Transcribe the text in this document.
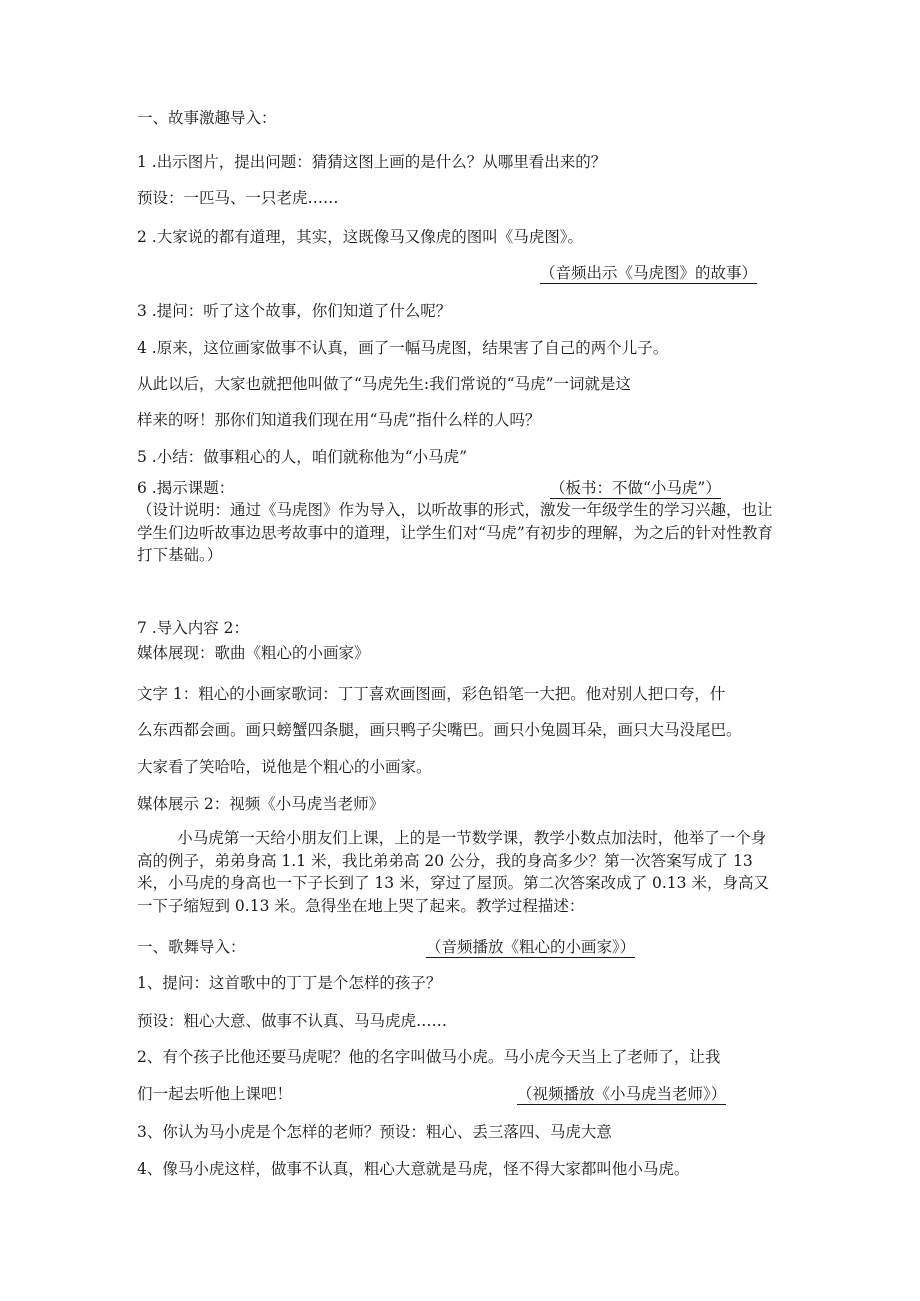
一、故事激趣导入：
1 .出示图片，提出问题：猜猜这图上画的是什么？从哪里看出来的？
预设：一匹马、一只老虎……
2 .大家说的都有道理，其实，这既像马又像虎的图叫《马虎图》。
（音频出示《马虎图》的故事）
3 .提问：听了这个故事，你们知道了什么呢？
4 .原来，这位画家做事不认真，画了一幅马虎图，结果害了自己的两个儿子。
从此以后，大家也就把他叫做了“马虎先生:我们常说的“马虎”一词就是这
样来的呀！那你们知道我们现在用“马虎”指什么样的人吗？
5 .小结：做事粗心的人，咱们就称他为“小马虎”
6 .揭示课题：	（板书：不做“小马虎”）
（设计说明：通过《马虎图》作为导入，以听故事的形式，激发一年级学生的学习兴趣，也让学生们边听故事边思考故事中的道理，让学生们对“马虎”有初步的理解，为之后的针对性教育打下基础。）
7 .导入内容 2：
媒体展现：歌曲《粗心的小画家》
文字 1：粗心的小画家歌词：丁丁喜欢画图画，彩色铅笔一大把。他对别人把口夸，什
么东西都会画。画只螃蟹四条腿，画只鸭子尖嘴巴。画只小兔圆耳朵，画只大马没尾巴。
大家看了笑哈哈，说他是个粗心的小画家。
媒体展示 2：视频《小马虎当老师》
小马虎第一天给小朋友们上课，上的是一节数学课，教学小数点加法时，他举了一个身高的例子，弟弟身高 1.1 米，我比弟弟高 20 公分，我的身高多少？第一次答案写成了 13 米，小马虎的身高也一下子长到了 13 米，穿过了屋顶。第二次答案改成了 0.13 米，身高又一下子缩短到 0.13 米。急得坐在地上哭了起来。教学过程描述：
一、歌舞导入：	（音频播放《粗心的小画家》）
1、提问：这首歌中的丁丁是个怎样的孩子？
预设：粗心大意、做事不认真、马马虎虎……
2、有个孩子比他还要马虎呢？他的名字叫做马小虎。马小虎今天当上了老师了，让我
们一起去听他上课吧！	（视频播放《小马虎当老师》）
3、你认为马小虎是个怎样的老师？预设：粗心、丢三落四、马虎大意
4、像马小虎这样，做事不认真，粗心大意就是马虎，怪不得大家都叫他小马虎。
